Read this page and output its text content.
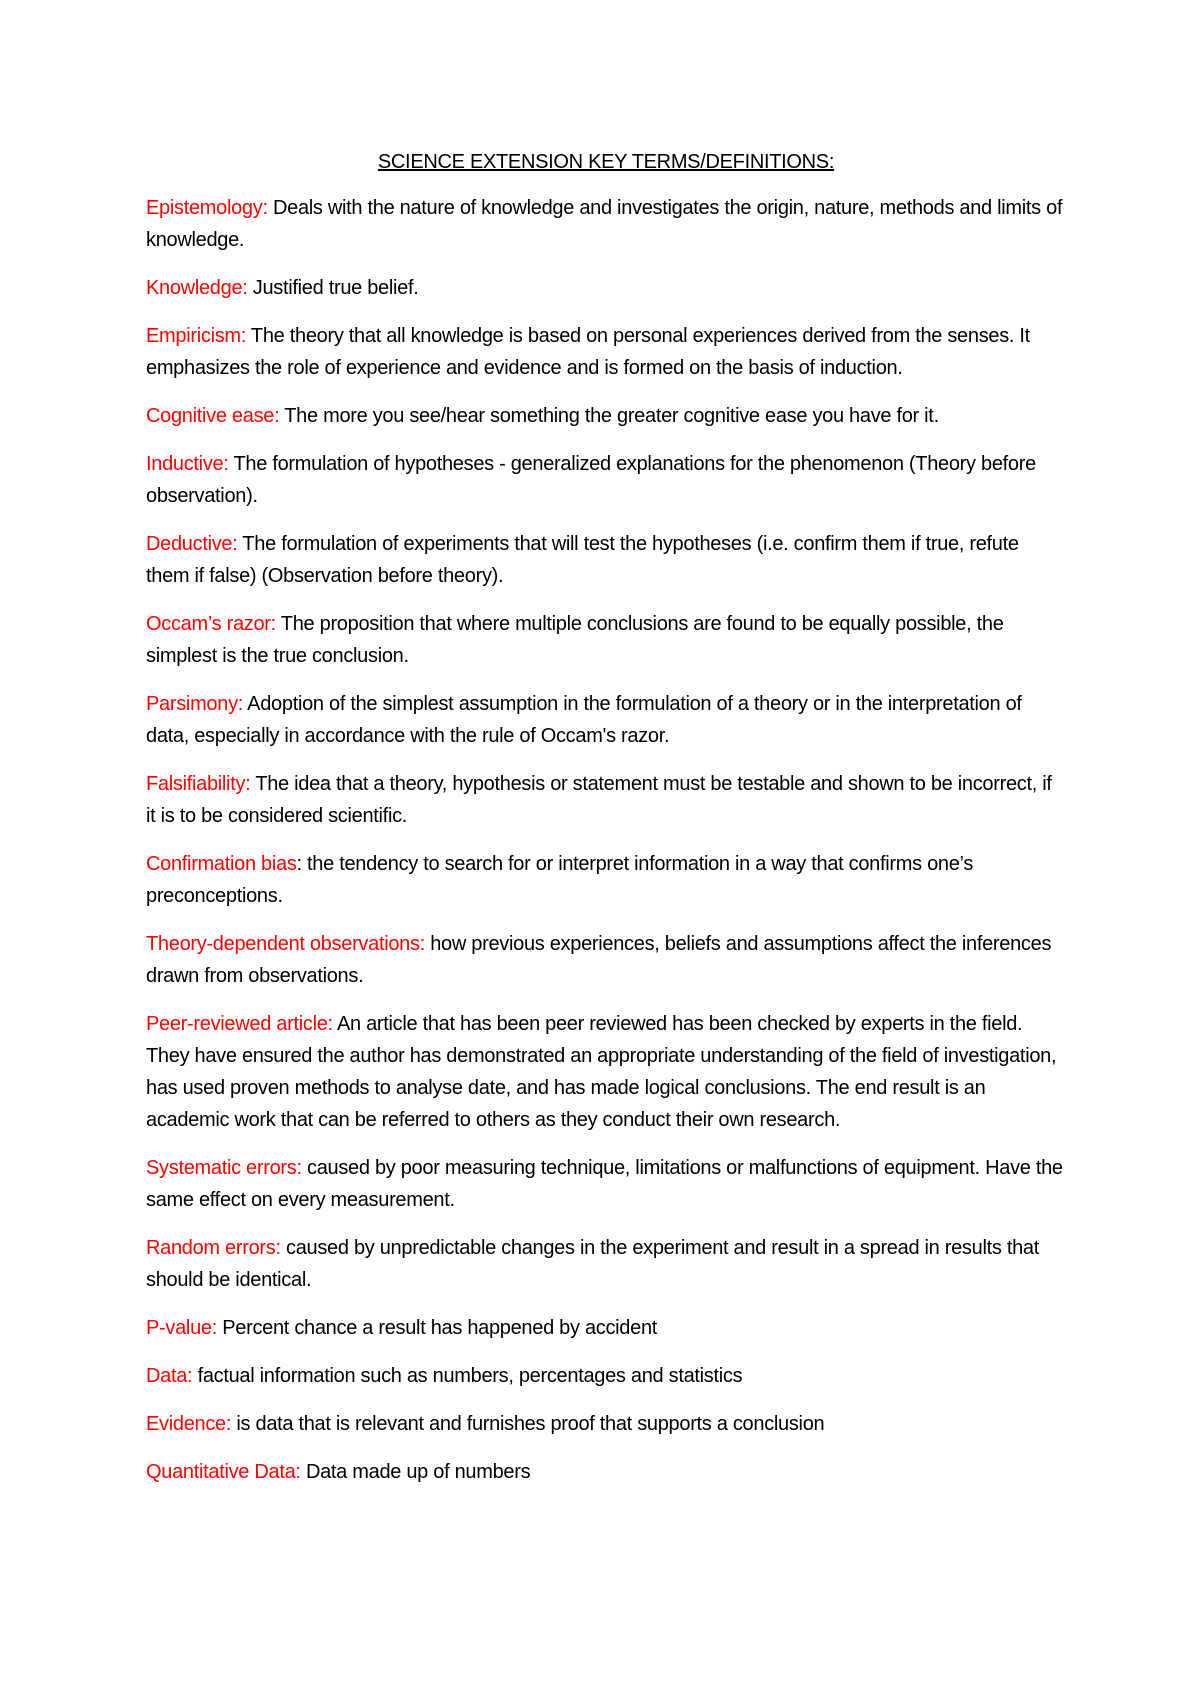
SCIENCE EXTENSION KEY TERMS/DEFINITIONS:

Epistemology: Deals with the nature of knowledge and investigates the origin, nature, methods and limits of knowledge.

Knowledge: Justified true belief.

Empiricism: The theory that all knowledge is based on personal experiences derived from the senses. It emphasizes the role of experience and evidence and is formed on the basis of induction.

Cognitive ease: The more you see/hear something the greater cognitive ease you have for it.

Inductive: The formulation of hypotheses - generalized explanations for the phenomenon (Theory before observation).

Deductive: The formulation of experiments that will test the hypotheses (i.e. confirm them if true, refute them if false) (Observation before theory).

Occam’s razor: The proposition that where multiple conclusions are found to be equally possible, the simplest is the true conclusion.

Parsimony: Adoption of the simplest assumption in the formulation of a theory or in the interpretation of data, especially in accordance with the rule of Occam's razor.

Falsifiability: The idea that a theory, hypothesis or statement must be testable and shown to be incorrect, if it is to be considered scientific.

Confirmation bias: the tendency to search for or interpret information in a way that confirms one’s preconceptions.

Theory-dependent observations: how previous experiences, beliefs and assumptions affect the inferences drawn from observations.

Peer-reviewed article: An article that has been peer reviewed has been checked by experts in the field. They have ensured the author has demonstrated an appropriate understanding of the field of investigation, has used proven methods to analyse date, and has made logical conclusions. The end result is an academic work that can be referred to others as they conduct their own research.

Systematic errors: caused by poor measuring technique, limitations or malfunctions of equipment. Have the same effect on every measurement.

Random errors: caused by unpredictable changes in the experiment and result in a spread in results that should be identical.

P-value: Percent chance a result has happened by accident

Data: factual information such as numbers, percentages and statistics

Evidence: is data that is relevant and furnishes proof that supports a conclusion

Quantitative Data: Data made up of numbers
